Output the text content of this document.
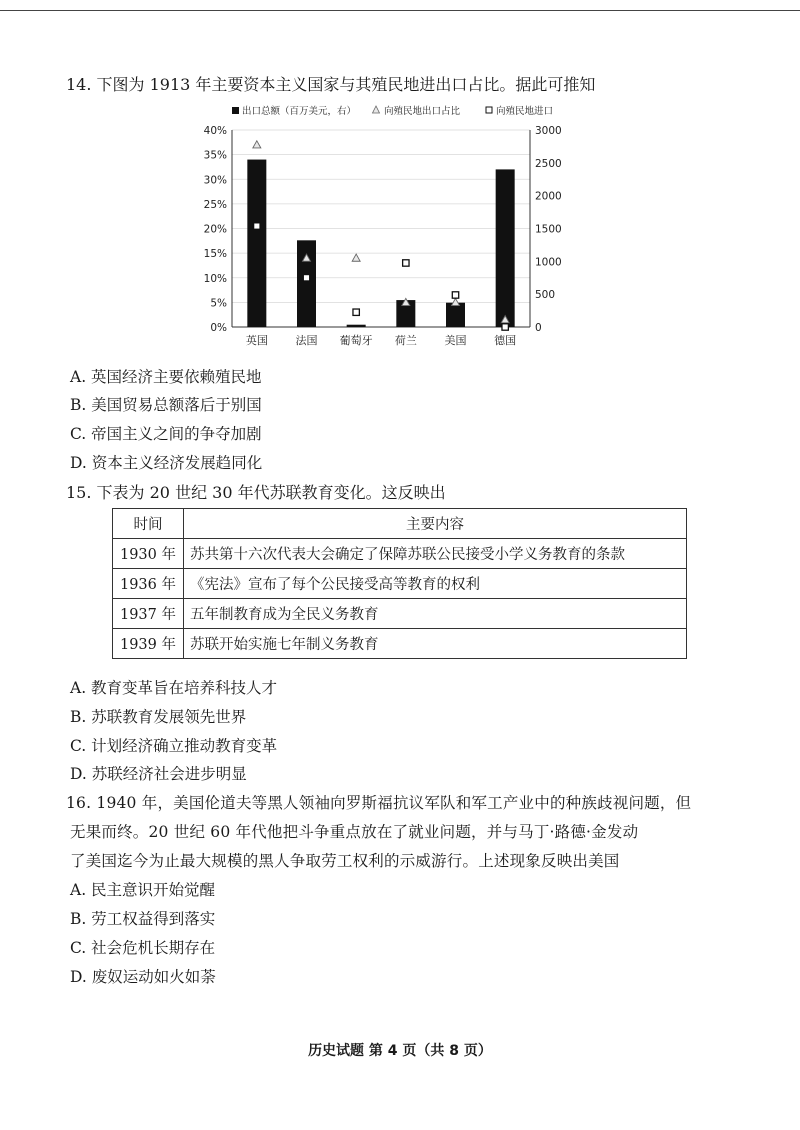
14. 下图为 1913 年主要资本主义国家与其殖民地进出口占比。据此可推知
0%
5%
10%
15%
20%
25%
30%
35%
40%
0
500
1000
1500
2000
2500
3000
英国	法国 葡萄牙 荷兰	美国	德国
出口总额（百万美元，右）	向殖民地出口占比	向殖民地进口
A. 英国经济主要依赖殖民地
B. 美国贸易总额落后于别国
C. 帝国主义之间的争夺加剧
D. 资本主义经济发展趋同化
15. 下表为 20 世纪 30 年代苏联教育变化。这反映出
时间	主要内容
1930 年	苏共第十六次代表大会确定了保障苏联公民接受小学义务教育的条款
1936 年	《宪法》宣布了每个公民接受高等教育的权利
1937 年	五年制教育成为全民义务教育
1939 年	苏联开始实施七年制义务教育
A. 教育变革旨在培养科技人才
B. 苏联教育发展领先世界
C. 计划经济确立推动教育变革
D. 苏联经济社会进步明显
16. 1940 年，美国伦道夫等黑人领袖向罗斯福抗议军队和军工产业中的种族歧视问题，但
无果而终。20 世纪 60 年代他把斗争重点放在了就业问题，并与马丁·路德·金发动
了美国迄今为止最大规模的黑人争取劳工权利的示威游行。上述现象反映出美国
A. 民主意识开始觉醒
B. 劳工权益得到落实
C. 社会危机长期存在
D. 废奴运动如火如荼
历史试题 第 4 页（共 8 页）
